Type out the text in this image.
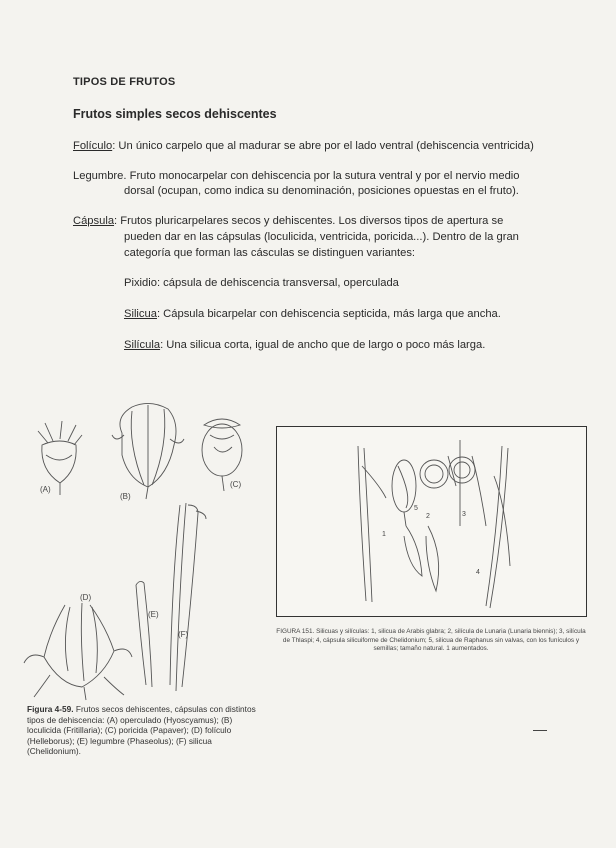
TIPOS DE FRUTOS
Frutos simples secos dehiscentes
Folículo: Un único carpelo que al madurar se abre por el lado ventral (dehiscencia ventricida)
Legumbre. Fruto monocarpelar con dehiscencia por la sutura ventral y por el nervio medio
dorsal (ocupan, como indica su denominación, posiciones opuestas en el fruto).
Cápsula: Frutos pluricarpelares secos y dehiscentes. Los diversos tipos de apertura se
pueden dar en las cápsulas (loculicida, ventricida, poricida...). Dentro de la gran
categoría que forman las cásculas se distinguen variantes:
Pixidio: cápsula de dehiscencia transversal, operculada
Silicua: Cápsula bicarpelar con dehiscencia septicida, más larga que ancha.
Silícula: Una silicua corta, igual de ancho que de largo o poco más larga.
(A)
(B)
(C)
(D)
(E)
(F)
Figura 4-59. Frutos secos dehiscentes, cápsulas con distintos tipos de dehiscencia: (A) operculado (Hyoscyamus); (B) loculicida (Fritillaria); (C) poricida (Papaver); (D) folículo (Helleborus); (E) legumbre (Phaseolus); (F) silicua (Chelidonium).
1
2	3
4
5
FIGURA 151. Silicuas y silículas: 1, silicua de Arabis glabra; 2, silícula de Lunaria (Lunaria biennis); 3, silícula de Thlaspi; 4, cápsula silicuiforme de Chelidonium; 5, silicua de Raphanus sin valvas, con los funículos y semillas; tamaño natural. 1 aumentados.
